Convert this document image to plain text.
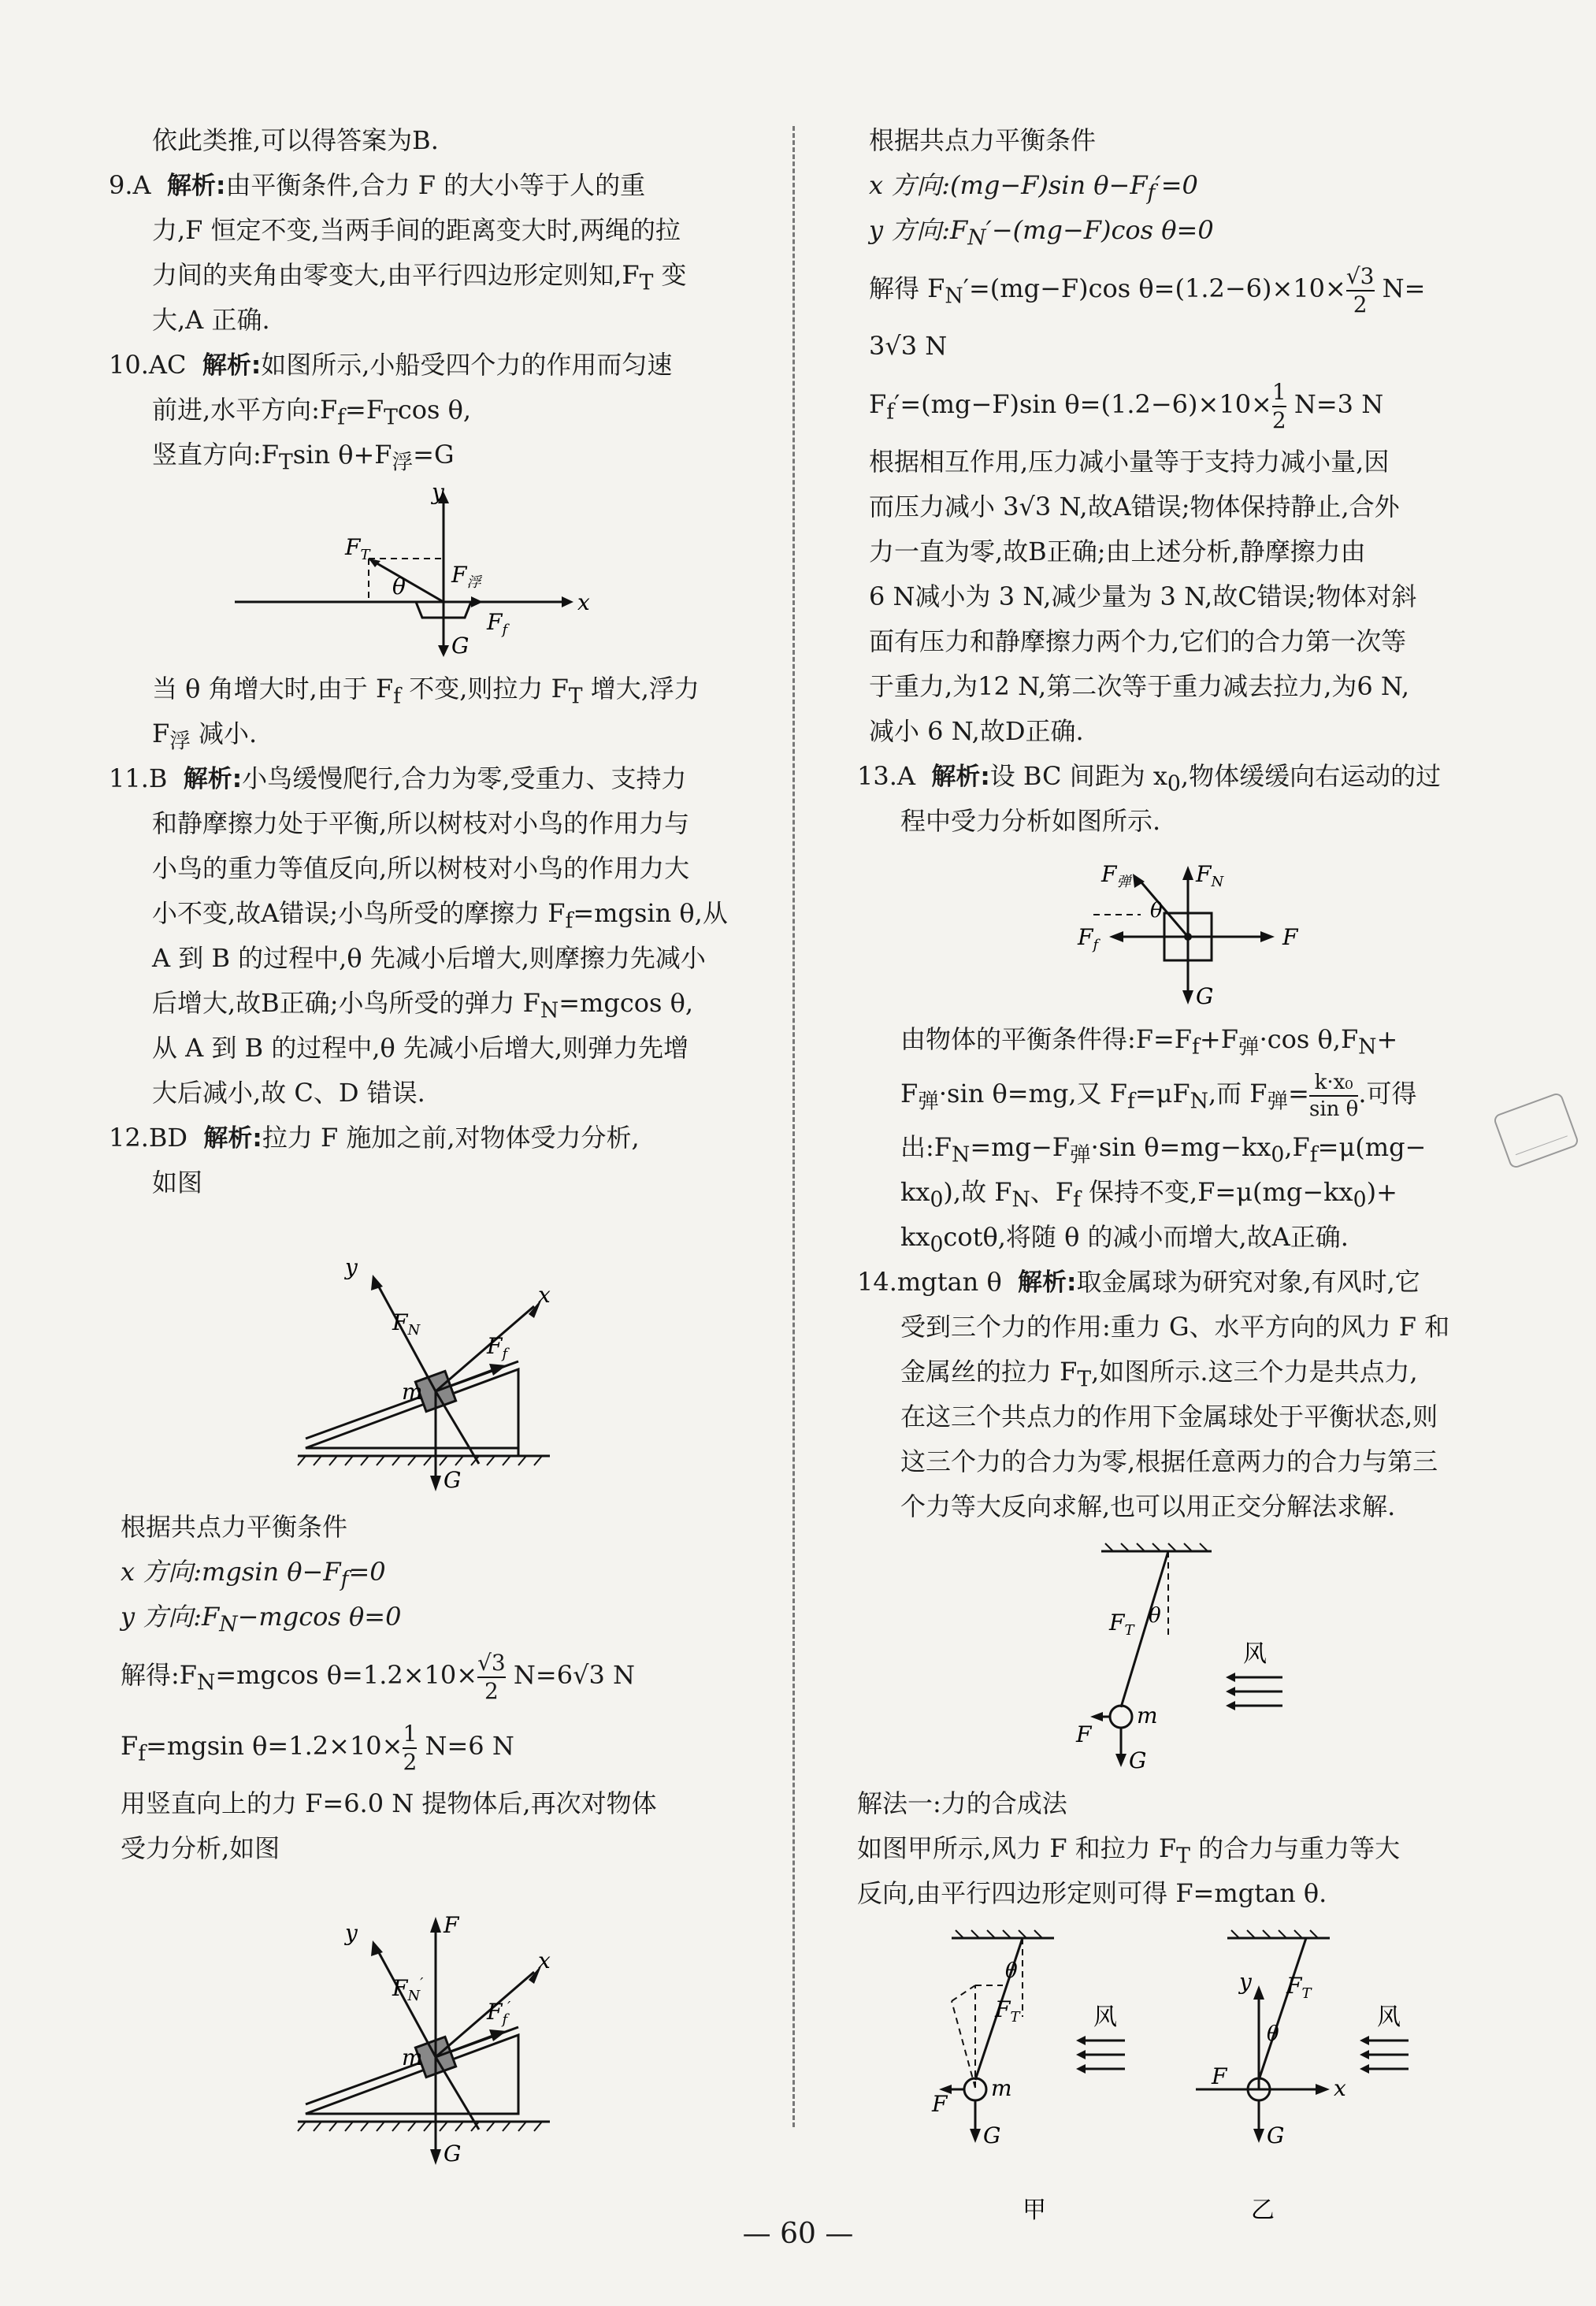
依此类推,可以得答案为B.
9.A 解析:由平衡条件,合力 F 的大小等于人的重
力,F 恒定不变,当两手间的距离变大时,两绳的拉
力间的夹角由零变大,由平行四边形定则知$,F_T$ 变
大,A 正确.
10.AC 解析:如图所示,小船受四个力的作用而匀速
前进,水平方向$:F_f=F_T\cos$ θ,
竖直方向$:F_T\sin$ $\theta+F_浮=G$
$F_T$
y
θ $F_浮$
$F_f$
x
G
当 θ 角增大时,由于 $F_f$ 不变,则拉力 $F_T$ 增大,浮力
$F_浮$ 减小.
11.B 解析:小鸟缓慢爬行,合力为零,受重力、支持力
和静摩擦力处于平衡,所以树枝对小鸟的作用力与
小鸟的重力等值反向,所以树枝对小鸟的作用力大
小不变,故A错误;小鸟所受的摩擦力 $F_f=mgsin$ θ,从
A 到 B 的过程中,θ 先减小后增大,则摩擦力先减小
后增大,故B正确;小鸟所受的弹力 $F_N=mgcos$ θ,
从 A 到 B 的过程中,θ 先减小后增大,则弹力先增
大后减小,故 C、D 错误.
12.BD 解析:拉力 F 施加之前,对物体受力分析,
如图
y
$F_N$
x
$F_f$
m
G
根据共点力平衡条件
x 方向:mgsin $\theta-F_f=0$
y 方向$:F_N-mgcos$ θ=0
解得$:F_N=mgcos$ $\theta=1.2\times 10\times \frac{√3}{2} N=6√3$ N
$F_f=mgsin$ $\theta=1.2\times 10\times \frac{1}{2} N=6$ N
用竖直向上的力 F=6.0 N 提物体后,再次对物体
受力分析,如图
y	F
$F_N'$
x
$F_f'$
m
G
根据共点力平衡条件
x 方向:(mg−F)sin $\theta-F_f'=0$
y 方向$:F_N'-(mg-F)\cos$ θ=0
解得 $F_N'=(mg-F)\cos$ $\theta=(1.2-6)\times 10\times \frac{√3}{2} N=$
3√3 N
$F_f'=(mg-F)\sin$ $\theta=(1.2-6)\times 10\times \frac{1}{2} N=3$ N
根据相互作用,压力减小量等于支持力减小量,因
而压力减小 3√3 N,故A错误;物体保持静止,合外
力一直为零,故B正确;由上述分析,静摩擦力由
6 N减小为 3 N,减少量为 3 N,故C错误;物体对斜
面有压力和静摩擦力两个力,它们的合力第一次等
于重力,为12 N,第二次等于重力减去拉力,为6 N,
减小 6 N,故D正确.
13.A 解析:设 BC 间距为 $x_0$,物体缓缓向右运动的过
程中受力分析如图所示.
$F_弹$
θ
$F_N$
$F_f$	F
G
由物体的平衡条件得$:F=F_f+F_弹\cdot\cos$ $\theta,F_N+$
$F_弹\cdot\sin$ θ=mg,又 $F_f=\mu F_N$,而 $F_弹= \frac{\text{k·x₀}}{\text{sin θ}}$ .可得
出$:F_N=mg-F_弹\cdot\sin$ $\theta=mg-kx_0,F_f=\mu(mg-$
$kx_0$),故 $F_N$、$F_f$ 保持不变$,F=\mu(mg-kx_0)+$
$kx_0\cot\theta$,将随 θ 的减小而增大,故A正确.
14.mgtan θ 解析:取金属球为研究对象,有风时,它
受到三个力的作用:重力 G、水平方向的风力 F 和
金属丝的拉力 $F_T$,如图所示.这三个力是共点力,
在这三个共点力的作用下金属球处于平衡状态,则
这三个力的合力为零,根据任意两力的合力与第三
个力等大反向求解,也可以用正交分解法求解.
$F_T$
θ
风
m
F
G
解法一:力的合成法
如图甲所示,风力 F 和拉力 $F_T$ 的合力与重力等大
反向,由平行四边形定则可得 F=mgtan θ.
θ
$F_T$	风
F
m
G
甲
y $F_T$
θ
风
F	x
G
乙
— 60 —
